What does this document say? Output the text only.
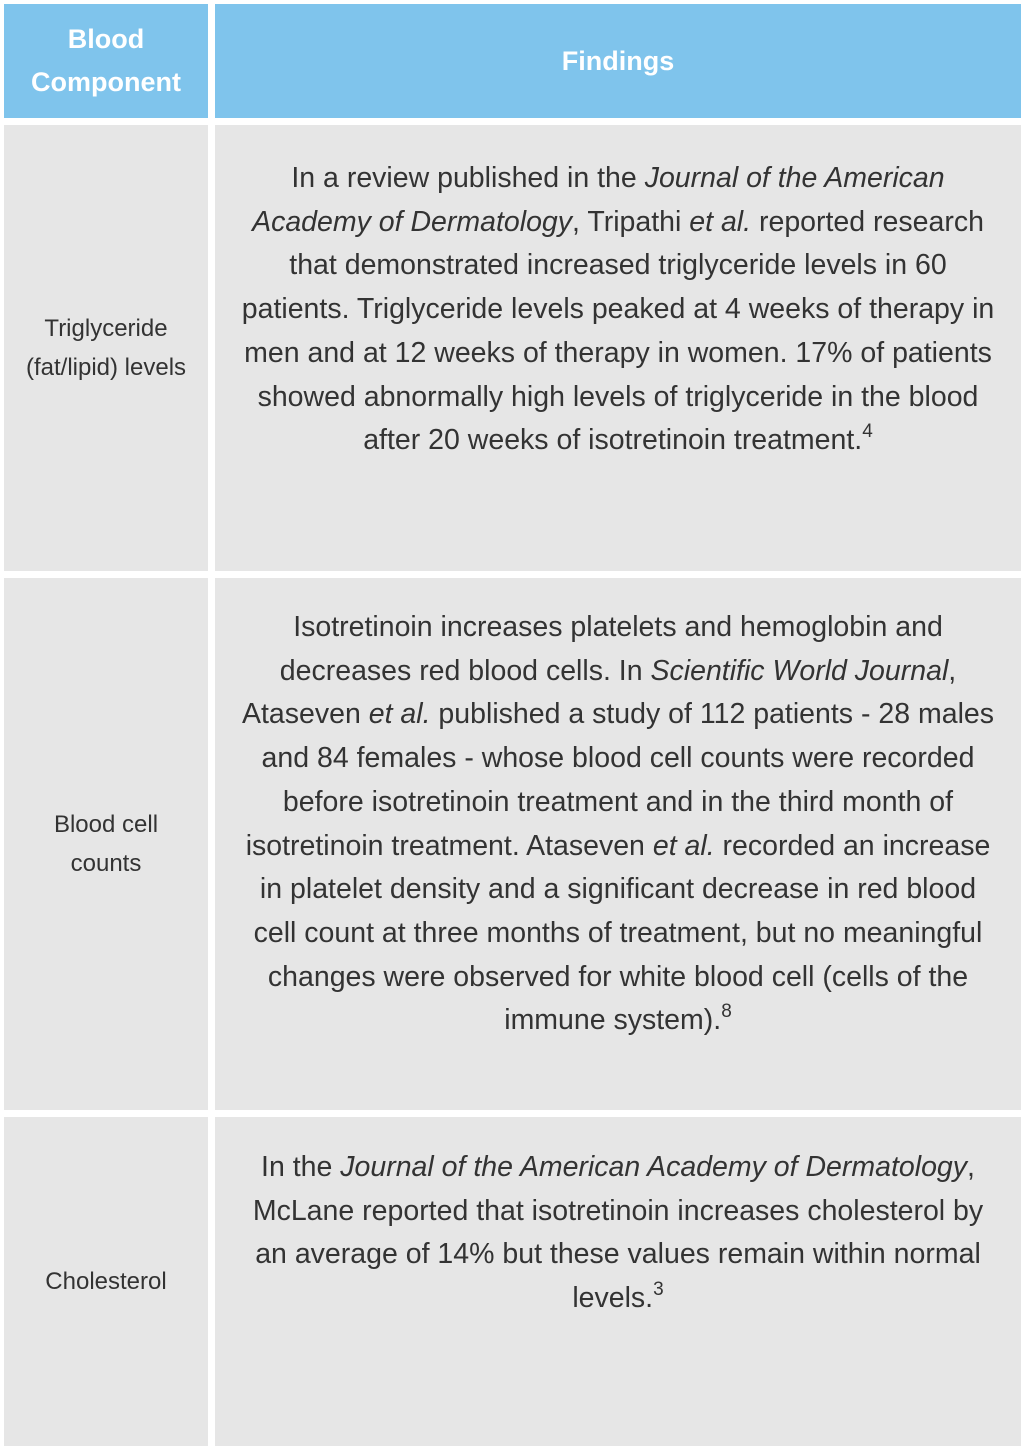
Blood Component	Findings
Triglyceride (fat/lipid) levels	In a review published in the Journal of the American Academy of Dermatology, Tripathi et al. reported research that demonstrated increased triglyceride levels in 60 patients. Triglyceride levels peaked at 4 weeks of therapy in men and at 12 weeks of therapy in women. 17% of patients showed abnormally high levels of triglyceride in the blood after 20 weeks of isotretinoin treatment.$^4$
Blood cell counts	Isotretinoin increases platelets and hemoglobin and decreases red blood cells. In Scientific World Journal, Ataseven et al. published a study of 112 patients - 28 males and 84 females - whose blood cell counts were recorded before isotretinoin treatment and in the third month of isotretinoin treatment. Ataseven et al. recorded an increase in platelet density and a significant decrease in red blood cell count at three months of treatment, but no meaningful changes were observed for white blood cell (cells of the immune system).$^8$
Cholesterol	In the Journal of the American Academy of Dermatology, McLane reported that isotretinoin increases cholesterol by an average of 14% but these values remain within normal levels.$^3$
